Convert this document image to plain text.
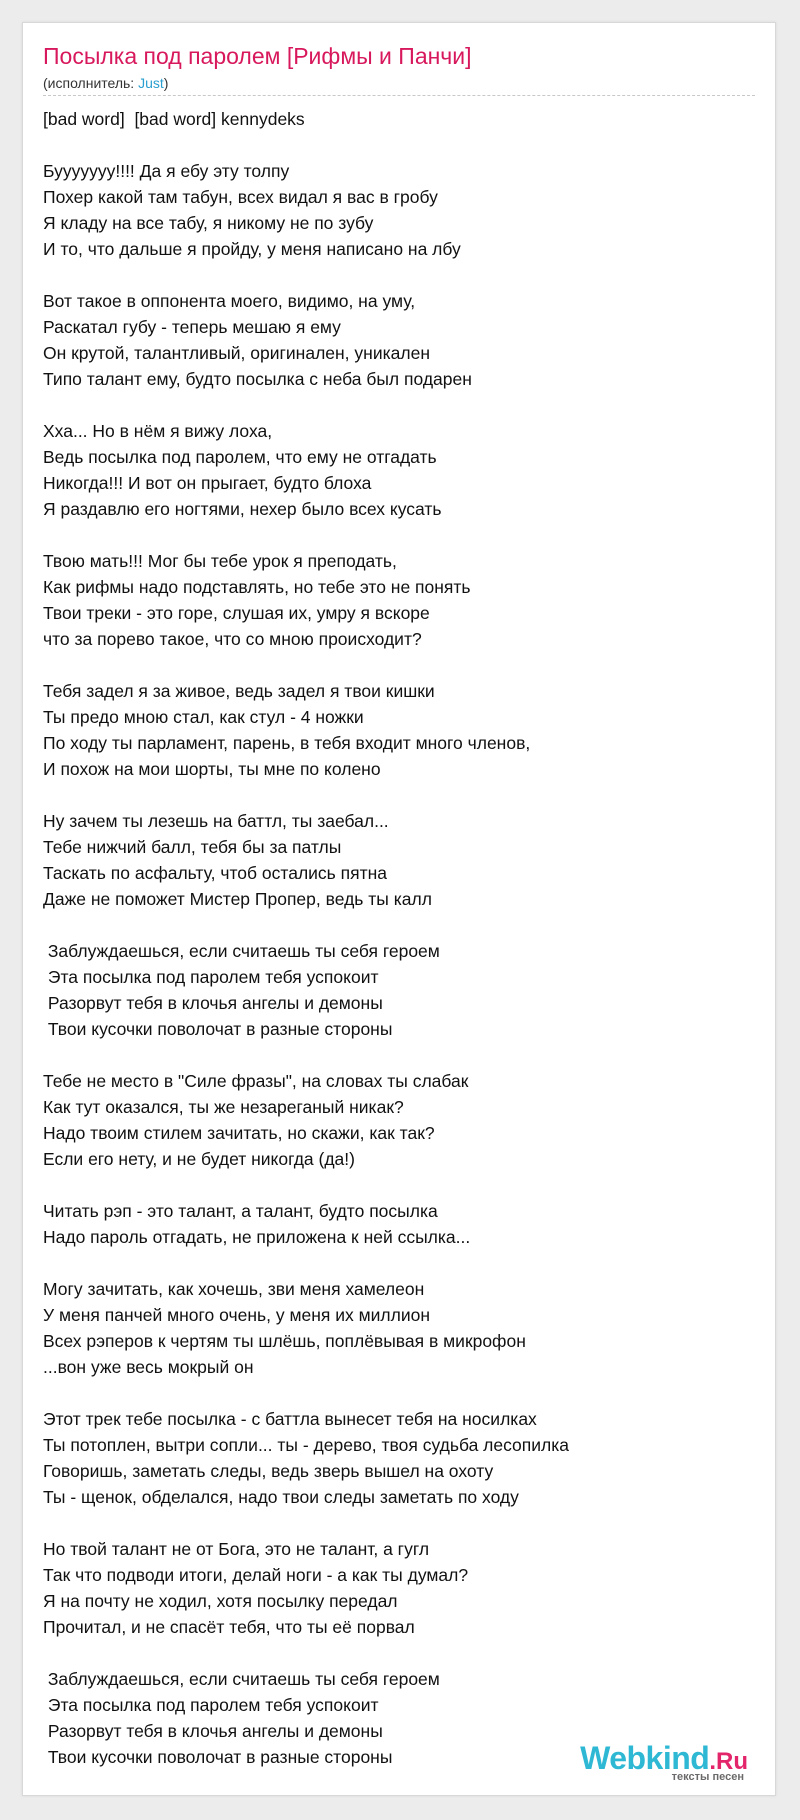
Посылка под паролем [Рифмы и Панчи]
(исполнитель: Just)
[bad word]  [bad word] kennydeks
Бууууууу!!!! Да я ебу эту толпу
Похер какой там табун, всех видал я вас в гробу
Я кладу на все табу, я никому не по зубу
И то, что дальше я пройду, у меня написано на лбу
Вот такое в оппонента моего, видимо, на уму,
Раскатал губу - теперь мешаю я ему
Он крутой, талантливый, оригинален, уникален
Типо талант ему, будто посылка с неба был подарен
Хха... Но в нём я вижу лоха,
Ведь посылка под паролем, что ему не отгадать
Никогда!!! И вот он прыгает, будто блоха
Я раздавлю его ногтями, нехер было всех кусать
Твою мать!!! Мог бы тебе урок я преподать,
Как рифмы надо подставлять, но тебе это не понять
Твои треки - это горе, слушая их, умру я вскоре
что за порево такое, что со мною происходит?
Тебя задел я за живое, ведь задел я твои кишки
Ты предо мною стал, как стул - 4 ножки
По ходу ты парламент, парень, в тебя входит много членов,
И похож на мои шорты, ты мне по колено
Ну зачем ты лезешь на баттл, ты заебал...
Тебе нижчий балл, тебя бы за патлы
Таскать по асфальту, чтоб остались пятна
Даже не поможет Мистер Пропер, ведь ты калл
Заблуждаешься, если считаешь ты себя героем
Эта посылка под паролем тебя успокоит
Разорвут тебя в клочья ангелы и демоны
Твои кусочки поволочат в разные стороны
Тебе не место в "Силе фразы", на словах ты слабак
Как тут оказался, ты же незареганый никак?
Надо твоим стилем зачитать, но скажи, как так?
Если его нету, и не будет никогда (да!)
Читать рэп - это талант, а талант, будто посылка
Надо пароль отгадать, не приложена к ней ссылка...
Могу зачитать, как хочешь, зви меня хамелеон
У меня панчей много очень, у меня их миллион
Всех рэперов к чертям ты шлёшь, поплёвывая в микрофон
...вон уже весь мокрый он
Этот трек тебе посылка - с баттла вынесет тебя на носилках
Ты потоплен, вытри сопли... ты - дерево, твоя судьба лесопилка
Говоришь, заметать следы, ведь зверь вышел на охоту
Ты - щенок, обделался, надо твои следы заметать по ходу
Но твой талант не от Бога, это не талант, а гугл
Так что подводи итоги, делай ноги - а как ты думал?
Я на почту не ходил, хотя посылку передал
Прочитал, и не спасёт тебя, что ты её порвал
Заблуждаешься, если считаешь ты себя героем
Эта посылка под паролем тебя успокоит
Разорвут тебя в клочья ангелы и демоны
Твои кусочки поволочат в разные стороны	Webkind.Ru
тексты песен
